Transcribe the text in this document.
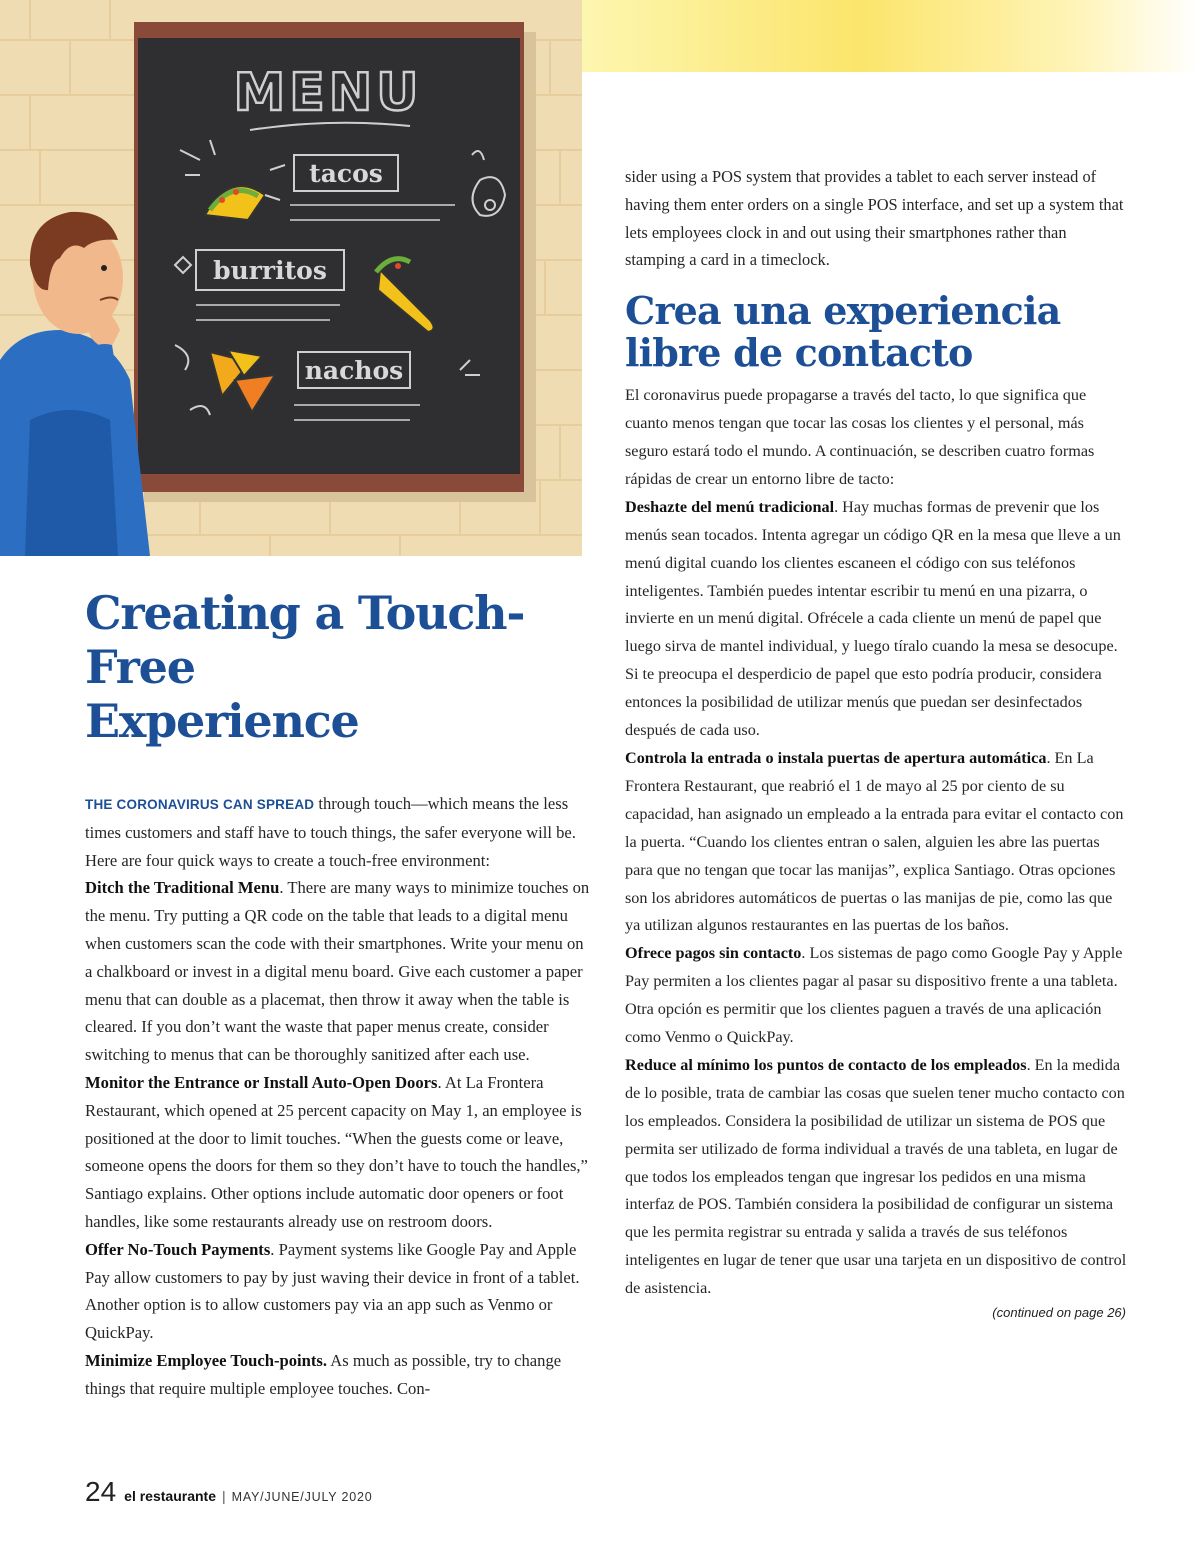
MENU
tacos
burritos
nachos
Creating a Touch-Free
Experience

THE CORONAVIRUS CAN SPREAD through touch—which means the less times customers and staff have to touch things, the safer everyone will be. Here are four quick ways to create a touch-free environment:

Ditch the Traditional Menu. There are many ways to minimize touches on the menu. Try putting a QR code on the table that leads to a digital menu when customers scan the code with their smartphones. Write your menu on a chalkboard or invest in a digital menu board. Give each customer a paper menu that can double as a placemat, then throw it away when the table is cleared. If you don’t want the waste that paper menus create, consider switching to menus that can be thoroughly sanitized after each use.

Monitor the Entrance or Install Auto-Open Doors. At La Frontera Restaurant, which opened at 25 percent capacity on May 1, an employee is positioned at the door to limit touches. “When the guests come or leave, someone opens the doors for them so they don’t have to touch the handles,” Santiago explains. Other options include automatic door openers or foot handles, like some restaurants already use on restroom doors.

Offer No-Touch Payments. Payment systems like Google Pay and Apple Pay allow customers to pay by just waving their device in front of a tablet. Another option is to allow customers pay via an app such as Venmo or QuickPay.

Minimize Employee Touch-points. As much as possible, try to change things that require multiple employee touches. Con-

sider using a POS system that provides a tablet to each server instead of having them enter orders on a single POS interface, and set up a system that lets employees clock in and out using their smartphones rather than stamping a card in a timeclock.

Crea una experiencia
libre de contacto

El coronavirus puede propagarse a través del tacto, lo que significa que cuanto menos tengan que tocar las cosas los clientes y el personal, más seguro estará todo el mundo. A continuación, se describen cuatro formas rápidas de crear un entorno libre de tacto:

Deshazte del menú tradicional. Hay muchas formas de prevenir que los menús sean tocados. Intenta agregar un código QR en la mesa que lleve a un menú digital cuando los clientes escaneen el código con sus teléfonos inteligentes. También puedes intentar escribir tu menú en una pizarra, o invierte en un menú digital. Ofrécele a cada cliente un menú de papel que luego sirva de mantel individual, y luego tíralo cuando la mesa se desocupe. Si te preocupa el desperdicio de papel que esto podría producir, considera entonces la posibilidad de utilizar menús que puedan ser desinfectados después de cada uso.

Controla la entrada o instala puertas de apertura automática. En La Frontera Restaurant, que reabrió el 1 de mayo al 25 por ciento de su capacidad, han asignado un empleado a la entrada para evitar el contacto con la puerta. “Cuando los clientes entran o salen, alguien les abre las puertas para que no tengan que tocar las manijas”, explica Santiago. Otras opciones son los abridores automáticos de puertas o las manijas de pie, como las que ya utilizan algunos restaurantes en las puertas de los baños.

Ofrece pagos sin contacto. Los sistemas de pago como Google Pay y Apple Pay permiten a los clientes pagar al pasar su dispositivo frente a una tableta. Otra opción es permitir que los clientes paguen a través de una aplicación como Venmo o QuickPay.

Reduce al mínimo los puntos de contacto de los empleados. En la medida de lo posible, trata de cambiar las cosas que suelen tener mucho contacto con los empleados. Considera la posibilidad de utilizar un sistema de POS que permita ser utilizado de forma individual a través de una tableta, en lugar de que todos los empleados tengan que ingresar los pedidos en una misma interfaz de POS. También considera la posibilidad de configurar un sistema que les permita registrar su entrada y salida a través de sus teléfonos inteligentes en lugar de tener que usar una tarjeta en un dispositivo de control de asistencia.

(continued on page 26)

24 el restaurante | MAY/JUNE/JULY 2020
